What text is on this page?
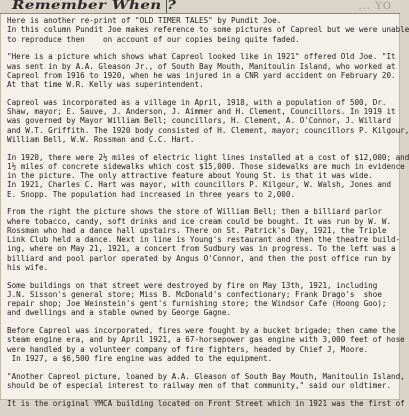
Remember When ?	... YO
Here is another re-print of "OLD TIMER TALES" by Pundit Joe.
In this column Pundit Joe makes reference to some pictures of Capreol but we were unable
to reproduce then    on account of our copies being quite faded.
"Here is a picture which shows what Capreol looked like in 1921" offered Old Joe. "It
was sent in by A.A. Gleason Jr., of South Bay Mouth, Manitoulin Island, who worked at
Capreol from 1916 to 1920, when he was injured in a CNR yard accident on February 20.
At that time W.R. Kelly was superintendent.
Capreol was incorporated as a village in April, 1918, with a population of 500, Dr.
Shaw, mayor; E. Sauve, J. Anderson, J. Aimmer and H. Clement, Councillors. In 1919 it
was governed by Mayor William Bell; councillors, H. Clement, A. O'Connor, J. Willard
and W.T. Griffith. The 1920 body consisted of H. Clement, mayor; councillors P. Kilgour,
William Bell, W.W. Rossman and C.C. Hart.
In 1920, there were 2½ miles of electric light lines installed at a cost of $12,000; and
1½ miles of concrete sidewalks which cost $15,000. Those sidewalks are much in evidence
in the picture. The only attractive feature about Young St. is that it was wide.
In 1921, Charles C. Hart was mayor, with councillors P. Kilgour, W. Walsh, Jones and
E. Snopp. The population had increased in three years to 2,000.
From the right the picture shows the store of William Bell; then a billiard parlor
where tobacco, candy, soft drinks and ice cream could be bought. It was run by W. W.
Rossman who had a dance hall upstairs. There on St. Patrick's Day, 1921, the Triple
Link Club held a dance. Next in line is Young's restaurant and then the theatre build-
ing, where on May 21, 1921, a concert from Sudbury was in progress. To the left was a
billiard and pool parlor operated by Angus O'Connor, and then the post office run by
his wife.
Some buildings on that street were destroyed by fire on May 13th, 1921, including
J.N. Sisson's general store; Miss B. McDonald's confectionary; Frank Drago's  shoe
repair shop; Joe Weinstein's gent's furnishing store; the Windsor Cafe (Hoong Goo);
and dwellings and a stable owned by George Gagne.
Before Capreol was incorporated, fires were fought by a bucket brigade; then came the
steam engine era, and by April 1921, a 67-horsepower gas engine with 3,000 feet of hose
were handled by a volunteer company of fire fighters, headed by Chief J, Moore.
In 1927, a $6,500 fire engine was added to the equipment.
"Another Capreol picture, loaned by A.A. Gleason of South Bay Mouth, Manitoulin Island,
should be of especial interest to railway men of that community," said our oldtimer.
It is the original YMCA building located on Front Street which in 1921 was the first of
